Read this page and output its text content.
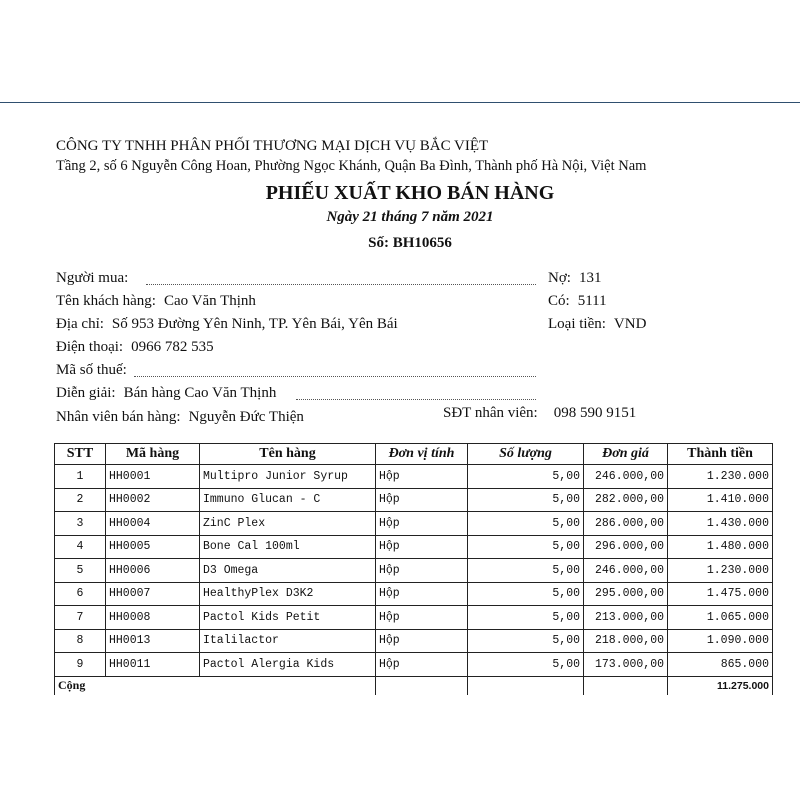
CÔNG TY TNHH PHÂN PHỐI THƯƠNG MẠI DỊCH VỤ BẮC VIỆT
Tầng 2, số 6 Nguyễn Công Hoan, Phường Ngọc Khánh, Quận Ba Đình, Thành phố Hà Nội, Việt Nam
PHIẾU XUẤT KHO BÁN HÀNG
Ngày 21 tháng 7 năm 2021
Số: BH10656
Người mua:
Tên khách hàng: Cao Văn Thịnh
Địa chỉ: Số 953 Đường Yên Ninh, TP. Yên Bái, Yên Bái
Điện thoại: 0966 782 535
Mã số thuế:
Diễn giải: Bán hàng Cao Văn Thịnh
Nhân viên bán hàng: Nguyễn Đức Thiện	SĐT nhân viên: 098 590 9151
Nợ: 131
Có: 5111
Loại tiền: VND
STT	Mã hàng	Tên hàng	Đơn vị tính	Số lượng	Đơn giá	Thành tiền
1	HH0001	Multipro Junior Syrup	Hộp	5,00	246.000,00	1.230.000
2	HH0002	Immuno Glucan - C	Hộp	5,00	282.000,00	1.410.000
3	HH0004	ZinC Plex	Hộp	5,00	286.000,00	1.430.000
4	HH0005	Bone Cal 100ml	Hộp	5,00	296.000,00	1.480.000
5	HH0006	D3 Omega	Hộp	5,00	246.000,00	1.230.000
6	HH0007	HealthyPlex D3K2	Hộp	5,00	295.000,00	1.475.000
7	HH0008	Pactol Kids Petit	Hộp	5,00	213.000,00	1.065.000
8	HH0013	Italilactor	Hộp	5,00	218.000,00	1.090.000
9	HH0011	Pactol Alergia Kids	Hộp	5,00	173.000,00	865.000
Cộng						11.275.000
